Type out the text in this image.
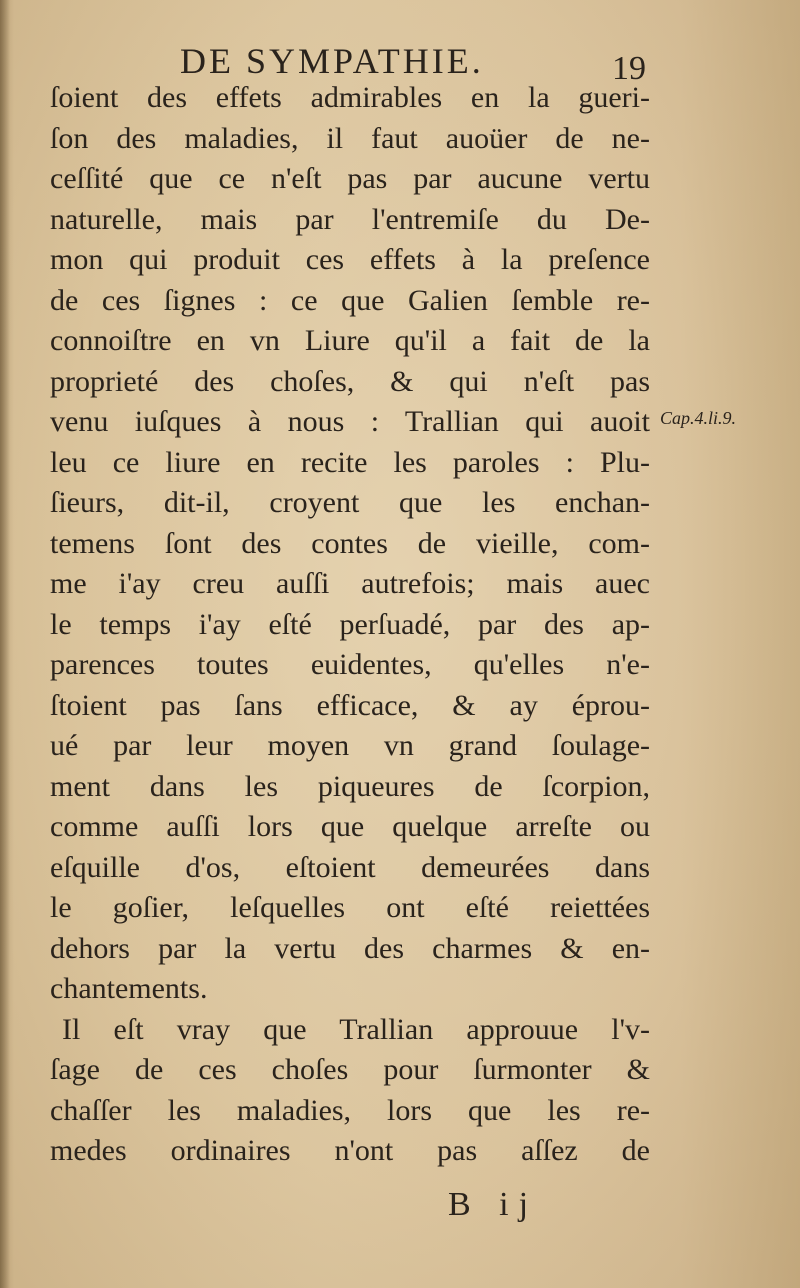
DE SYMPATHIE.	19
ſoient des effets admirables en la gueri-
ſon des maladies, il faut auoüer de ne-
ceſſité que ce n'eſt pas par aucune vertu
naturelle, mais par l'entremiſe du De-
mon qui produit ces effets à la preſence
de ces ſignes : ce que Galien ſemble re-
connoiſtre en vn Liure qu'il a fait de la
proprieté des choſes, & qui n'eſt pas
venu iuſques à nous : Trallian qui auoit
leu ce liure en recite les paroles : Plu-
ſieurs, dit-il, croyent que les enchan-
temens ſont des contes de vieille, com-
me i'ay creu auſſi autrefois; mais auec
le temps i'ay eſté perſuadé, par des ap-
parences toutes euidentes, qu'elles n'e-
ſtoient pas ſans efficace, & ay éprou-
ué par leur moyen vn grand ſoulage-
ment dans les piqueures de ſcorpion,
comme auſſi lors que quelque arreſte ou
eſquille d'os, eſtoient demeurées dans
le goſier, leſquelles ont eſté reiettées
dehors par la vertu des charmes & en-
chantements.
Il eſt vray que Trallian approuue l'v-
ſage de ces choſes pour ſurmonter &
chaſſer les maladies, lors que les re-
medes ordinaires n'ont pas aſſez de
Cap.4.li.9.
B ij
